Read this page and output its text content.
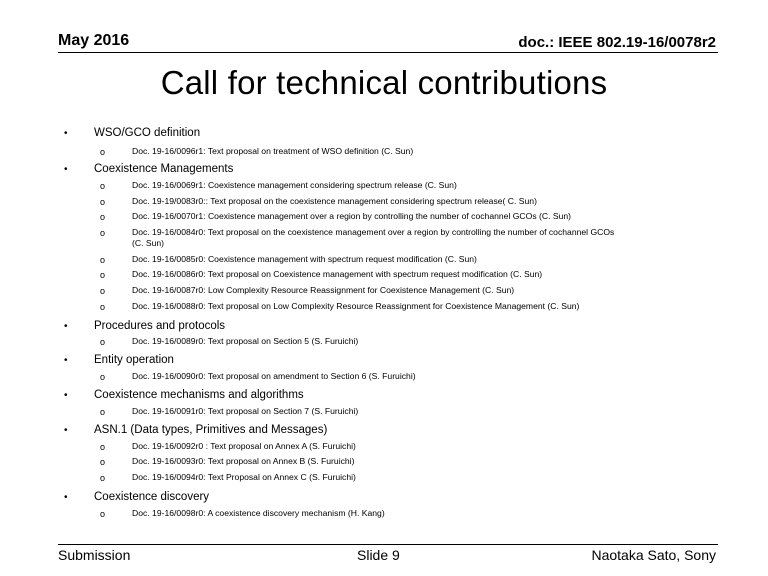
May 2016	doc.: IEEE 802.19-16/0078r2
Call for technical contributions
• WSO/GCO definition
o	Doc. 19-16/0096r1: Text proposal on treatment of WSO definition (C. Sun)
• Coexistence Managements
o	Doc. 19-16/0069r1: Coexistence management considering spectrum release (C. Sun)
o	Doc. 19-19/0083r0:: Text proposal on the coexistence management considering spectrum release( C. Sun)
o	Doc. 19-16/0070r1: Coexistence management over a region by controlling the number of cochannel GCOs (C. Sun)
o	Doc. 19-16/0084r0: Text proposal on the coexistence management over a region by controlling the number of cochannel GCOs
(C. Sun)
o	Doc. 19-16/0085r0: Coexistence management with spectrum request modification (C. Sun)
o	Doc. 19-16/0086r0: Text proposal on Coexistence management with spectrum request modification (C. Sun)
o	Doc. 19-16/0087r0: Low Complexity Resource Reassignment for Coexistence Management (C. Sun)
o	Doc. 19-16/0088r0: Text proposal on Low Complexity Resource Reassignment for Coexistence Management (C. Sun)
• Procedures and protocols
o	Doc. 19-16/0089r0: Text proposal on Section 5 (S. Furuichi)
• Entity operation
o	Doc. 19-16/0090r0: Text proposal on amendment to Section 6 (S. Furuichi)
• Coexistence mechanisms and algorithms
o	Doc. 19-16/0091r0: Text proposal on Section 7 (S. Furuichi)
• ASN.1 (Data types, Primitives and Messages)
o	Doc. 19-16/0092r0 : Text proposal on Annex A (S. Furuichi)
o	Doc. 19-16/0093r0: Text proposal on Annex B (S. Furuichi)
o	Doc. 19-16/0094r0: Text Proposal on Annex C (S. Furuichi)
• Coexistence discovery
o	Doc. 19-16/0098r0: A coexistence discovery mechanism (H. Kang)
Submission	Slide 9	Naotaka Sato, Sony
